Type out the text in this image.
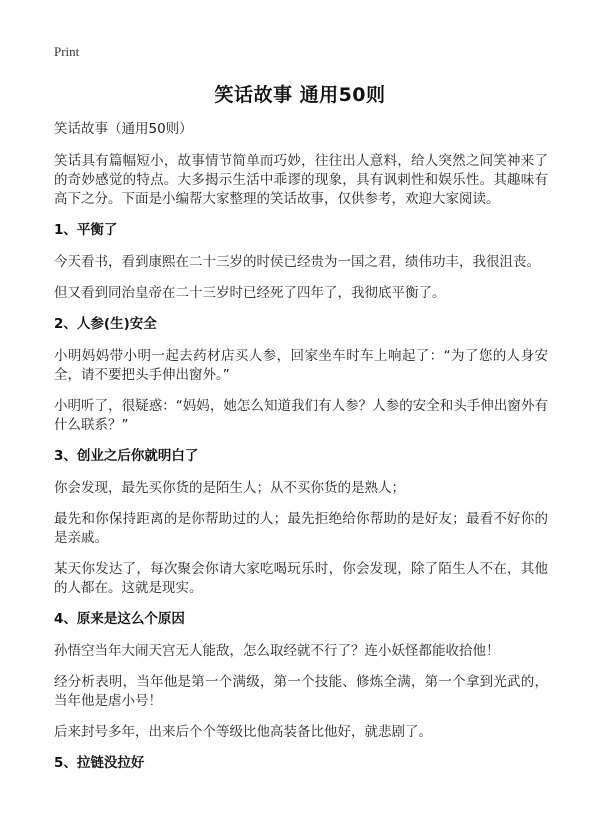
Print
笑话故事 通用50则
笑话故事（通用50则）

笑话具有篇幅短小，故事情节简单而巧妙，往往出人意料，给人突然之间笑神来了的奇妙感觉的特点。大多揭示生活中乖谬的现象，具有讽刺性和娱乐性。其趣味有高下之分。下面是小编帮大家整理的笑话故事，仅供参考，欢迎大家阅读。

1、平衡了

今天看书，看到康熙在二十三岁的时侯已经贵为一国之君，绩伟功丰，我很沮丧。

但又看到同治皇帝在二十三岁时已经死了四年了，我彻底平衡了。

2、人参(生)安全

小明妈妈带小明一起去药材店买人参，回家坐车时车上响起了：“为了您的人身安全，请不要把头手伸出窗外。”

小明听了，很疑惑：“妈妈，她怎么知道我们有人参？人参的安全和头手伸出窗外有什么联系？”

3、创业之后你就明白了

你会发现，最先买你货的是陌生人；从不买你货的是熟人；

最先和你保持距离的是你帮助过的人；最先拒绝给你帮助的是好友；最看不好你的是亲戚。

某天你发达了，每次聚会你请大家吃喝玩乐时，你会发现，除了陌生人不在，其他的人都在。这就是现实。

4、原来是这么个原因

孙悟空当年大闹天宫无人能敌，怎么取经就不行了？连小妖怪都能收拾他！

经分析表明，当年他是第一个满级，第一个技能、修炼全满，第一个拿到光武的，当年他是虐小号！

后来封号多年，出来后个个等级比他高装备比他好，就悲剧了。

5、拉链没拉好
